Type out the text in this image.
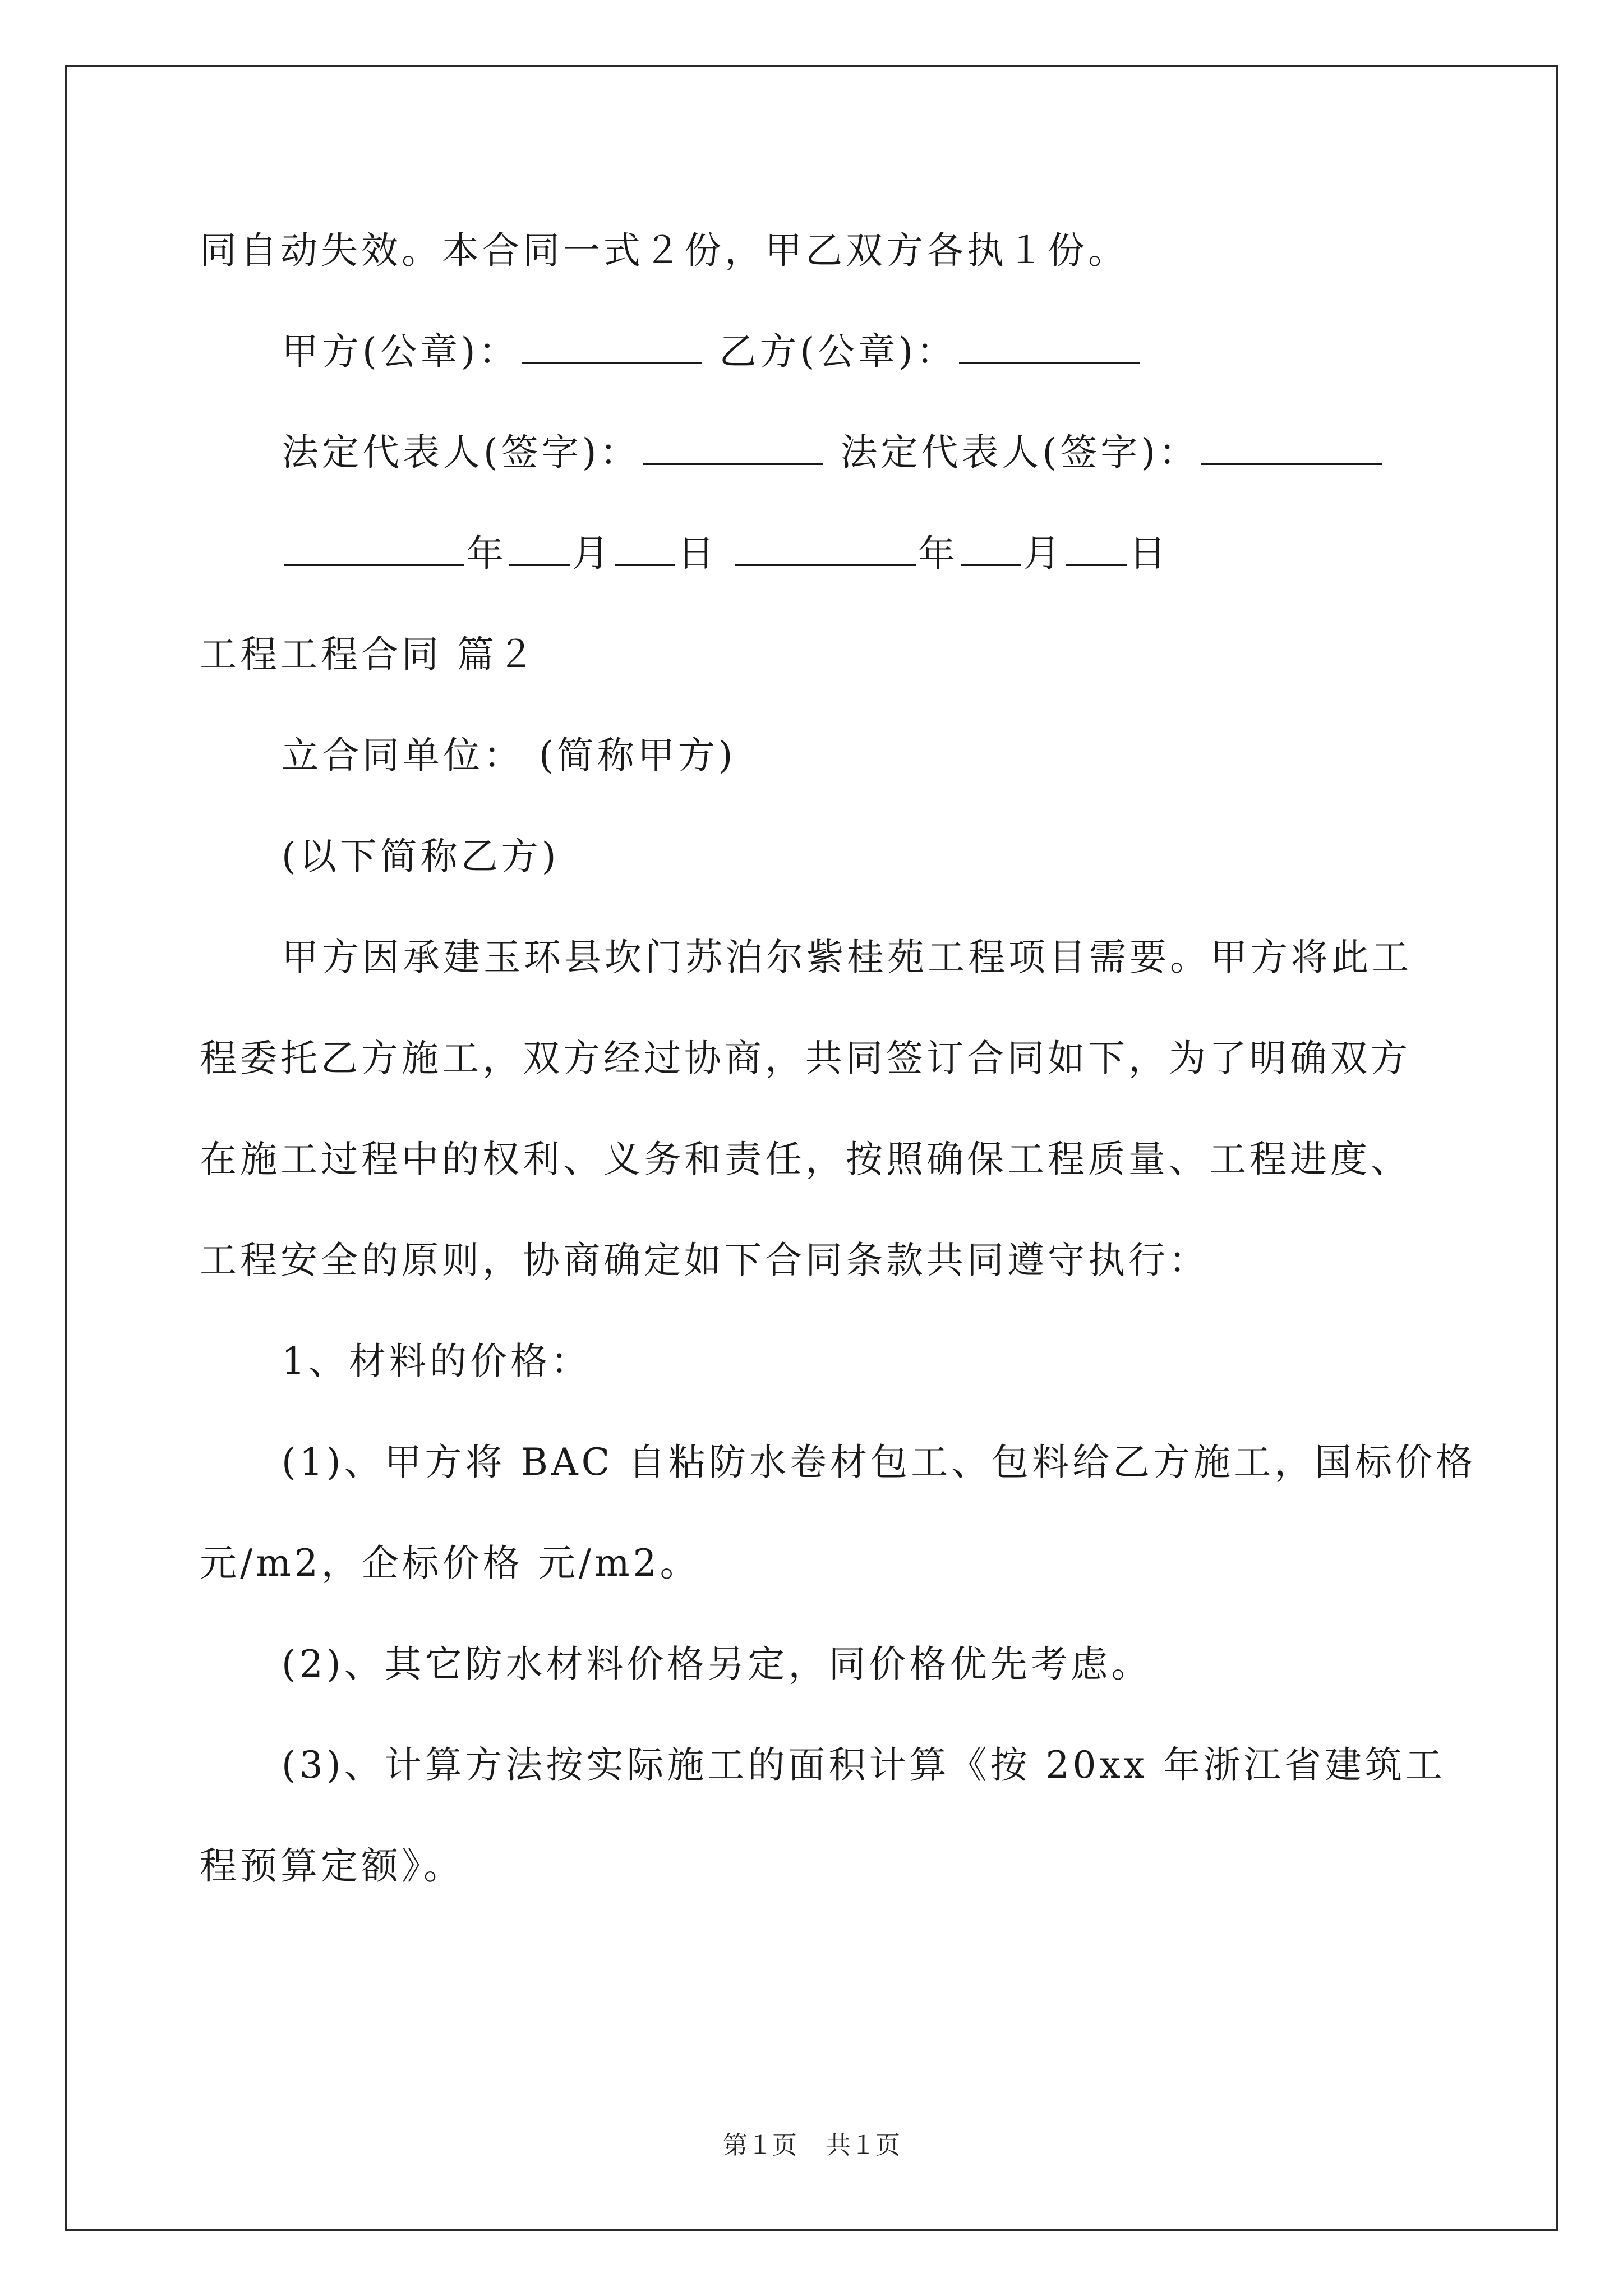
同自动失效。本合同一式２份，甲乙双方各执１份。
甲方(公章)：	乙方(公章)：
法定代表人(签字)：	法定代表人(签字)：
年 月 日	年 月 日
工程工程合同 篇２
立合同单位： (简称甲方)
(以下简称乙方)
甲方因承建玉环县坎门苏泊尔紫桂苑工程项目需要。甲方将此工
程委托乙方施工，双方经过协商，共同签订合同如下，为了明确双方
在施工过程中的权利、义务和责任，按照确保工程质量、工程进度、
工程安全的原则，协商确定如下合同条款共同遵守执行：
1、材料的价格：
(1)、甲方将 BAC 自粘防水卷材包工、包料给乙方施工，国标价格
元/m2，企标价格 元/m2。
(2)、其它防水材料价格另定，同价格优先考虑。
(3)、计算方法按实际施工的面积计算《按 20xx 年浙江省建筑工
程预算定额》。
第１页 共１页
